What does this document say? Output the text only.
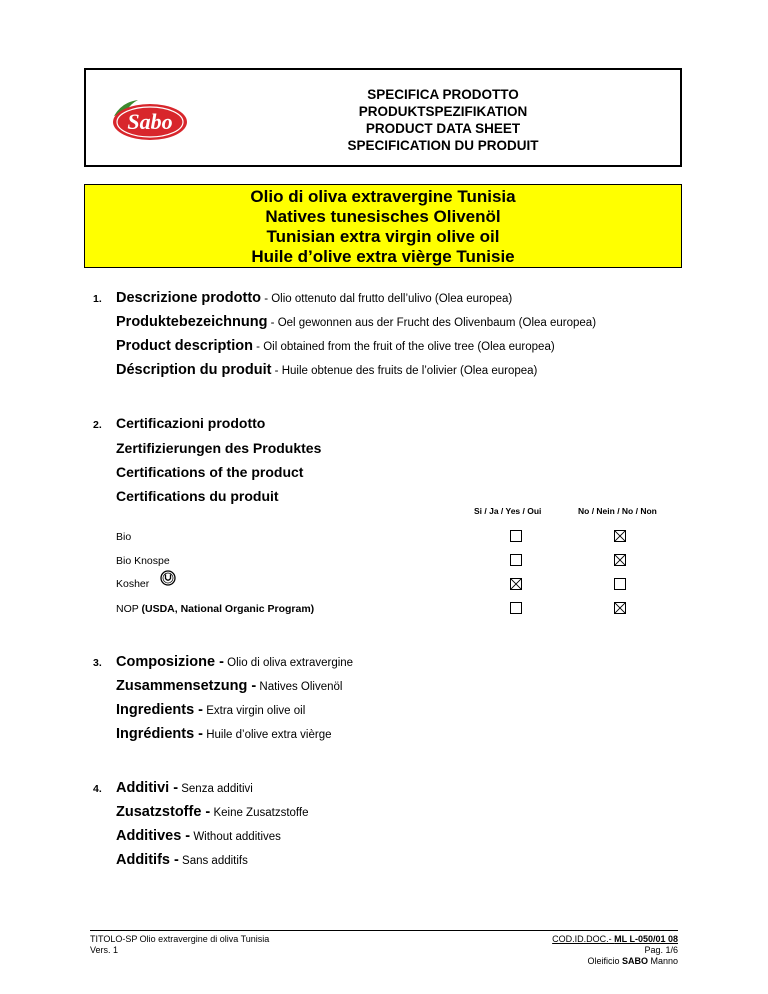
Sabo
SPECIFICA PRODOTTO
PRODUKTSPEZIFIKATION
PRODUCT DATA SHEET
SPECIFICATION DU PRODUIT
Olio di oliva extravergine Tunisia
Natives tunesisches Olivenöl
Tunisian extra virgin olive oil
Huile d’olive extra vièrge Tunisie
1. Descrizione prodotto - Olio ottenuto dal frutto dell’ulivo (Olea europea)
Produktebezeichnung - Oel gewonnen aus der Frucht des Olivenbaum (Olea europea)
Product description - Oil obtained from the fruit of the olive tree (Olea europea)
Déscription du produit - Huile obtenue des fruits de l’olivier (Olea europea)
2. Certificazioni prodotto
Zertifizierungen des Produktes
Certifications of the product
Certifications du produit
Si / Ja / Yes / Oui	No / Nein / No / Non
Bio
Bio Knospe
Kosher
NOP (USDA, National Organic Program)
3. Composizione - Olio di oliva extravergine
Zusammensetzung - Natives Olivenöl
Ingredients - Extra virgin olive oil
Ingrédients - Huile d’olive extra vièrge
4. Additivi - Senza additivi
Zusatzstoffe - Keine Zusatzstoffe
Additives - Without additives
Additifs - Sans additifs
TITOLO-SP Olio extravergine di oliva Tunisia
Vers. 1
COD.ID.DOC.- ML L-050/01 08
Pag. 1/6
Oleificio SABO Manno
